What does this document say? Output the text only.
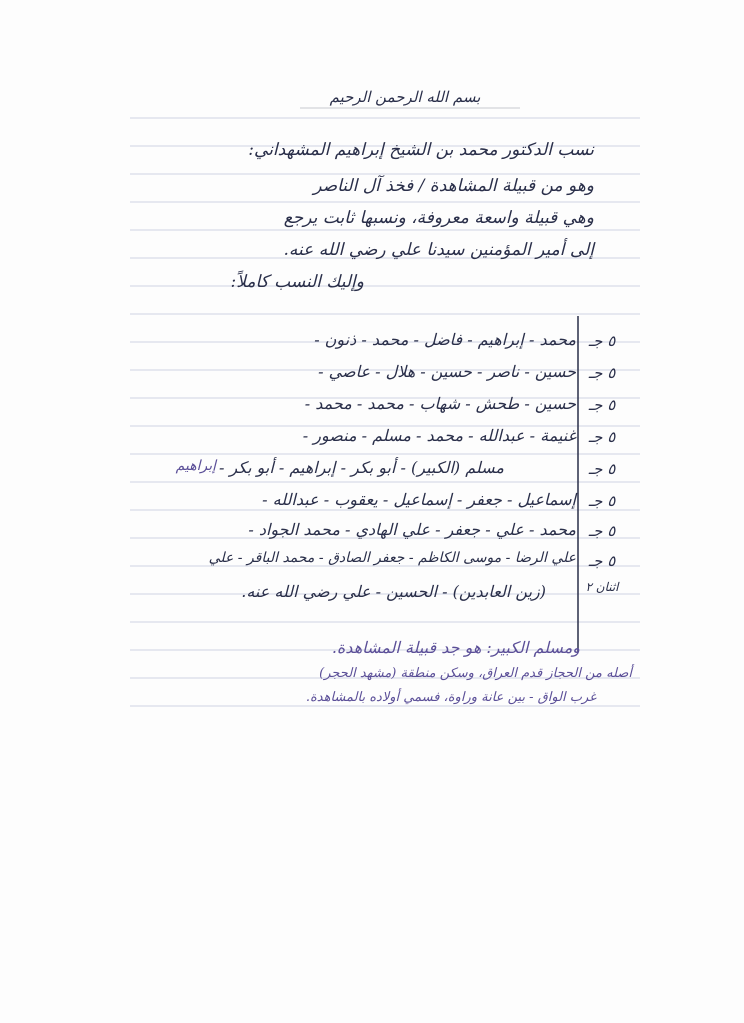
بسم الله الرحمن الرحيم
نسب الدكتور محمد بن الشيخ إبراهيم المشهداني:
وهو من قبيلة المشاهدة / فخذ آل الناصر
وهي قبيلة واسعة معروفة، ونسبها ثابت يرجع
إلى أمير المؤمنين سيدنا علي رضي الله عنه.
وإليك النسب كاملاً:
محمد - إبراهيم - فاضل - محمد - ذنون -
حسين - ناصر - حسين - هلال - عاصي -
حسين - طحش - شهاب - محمد - محمد -
غنيمة - عبدالله - محمد - مسلم - منصور -
مسلم (الكبير) - أبو بكر - إبراهيم - أبو بكر -
إسماعيل - جعفر - إسماعيل - يعقوب - عبدالله -
محمد - علي - جعفر - علي الهادي - محمد الجواد -
علي الرضا - موسى الكاظم - جعفر الصادق - محمد الباقر - علي
(زين العابدين) - الحسين - علي رضي الله عنه.
إبراهيم
٥ جـ
٥ جـ
٥ جـ
٥ جـ
٥ جـ
٥ جـ
٥ جـ
٥ جـ
اثنان ٢
ومسلم الكبير: هو جد قبيلة المشاهدة.
أصله من الحجاز قدم العراق، وسكن منطقة (مشهد الحجر)
غرب الواق - بين عانة وراوة، فسمي أولاده بالمشاهدة.
